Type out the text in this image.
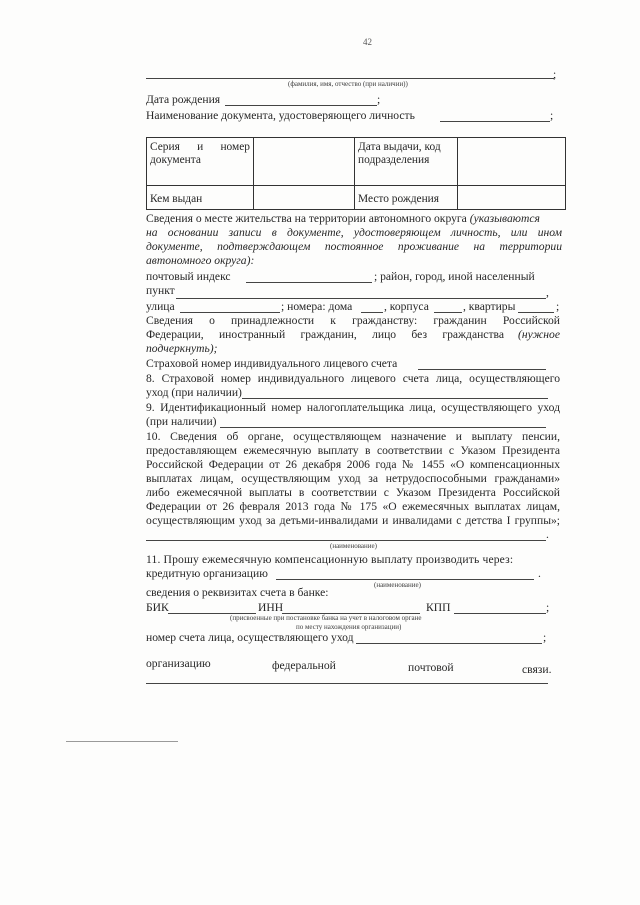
42
;
(фамилия, имя, отчество (при наличии))
Дата рождения	;
Наименование документа, удостоверяющего личность	;
Серия и номер документа		Дата выдачи, код подразделения	
Кем выдан		Место рождения	
Сведения о месте жительства на территории автономного округа (указываются
на основании записи в документе, удостоверяющем личность, или ином
документе, подтверждающем постоянное проживание на территории
автономного округа):
почтовый индекс	; район, город, иной населенный
пункт	,
улица	; номера: дома	, корпуса	, квартиры	;
Сведения о принадлежности к гражданству: гражданин Российской
Федерации, иностранный гражданин, лицо без гражданства (нужное
подчеркнуть);
Страховой номер индивидуального лицевого счета
8. Страховой номер индивидуального лицевого счета лица, осуществляющего
уход (при наличии)
9. Идентификационный номер налогоплательщика лица, осуществляющего уход
(при наличии)
10. Сведения об органе, осуществляющем назначение и выплату пенсии,
предоставляющем ежемесячную выплату в соответствии с Указом Президента
Российской Федерации от 26 декабря 2006 года № 1455 «О компенсационных
выплатах лицам, осуществляющим уход за нетрудоспособными гражданами»
либо ежемесячной выплаты в соответствии с Указом Президента Российской
Федерации от 26 февраля 2013 года № 175 «О ежемесячных выплатах лицам,
осуществляющим уход за детьми-инвалидами и инвалидами с детства I группы»;
.
(наименование)
11. Прошу ежемесячную компенсационную выплату производить через:
кредитную организацию	.
(наименование)
сведения о реквизитах счета в банке:
БИК	ИНН	КПП	;
(присвоенные при постановке банка на учет в налоговом органе
по месту нахождения организации)
номер счета лица, осуществляющего уход	;
организацию	федеральной	почтовой	связи.
